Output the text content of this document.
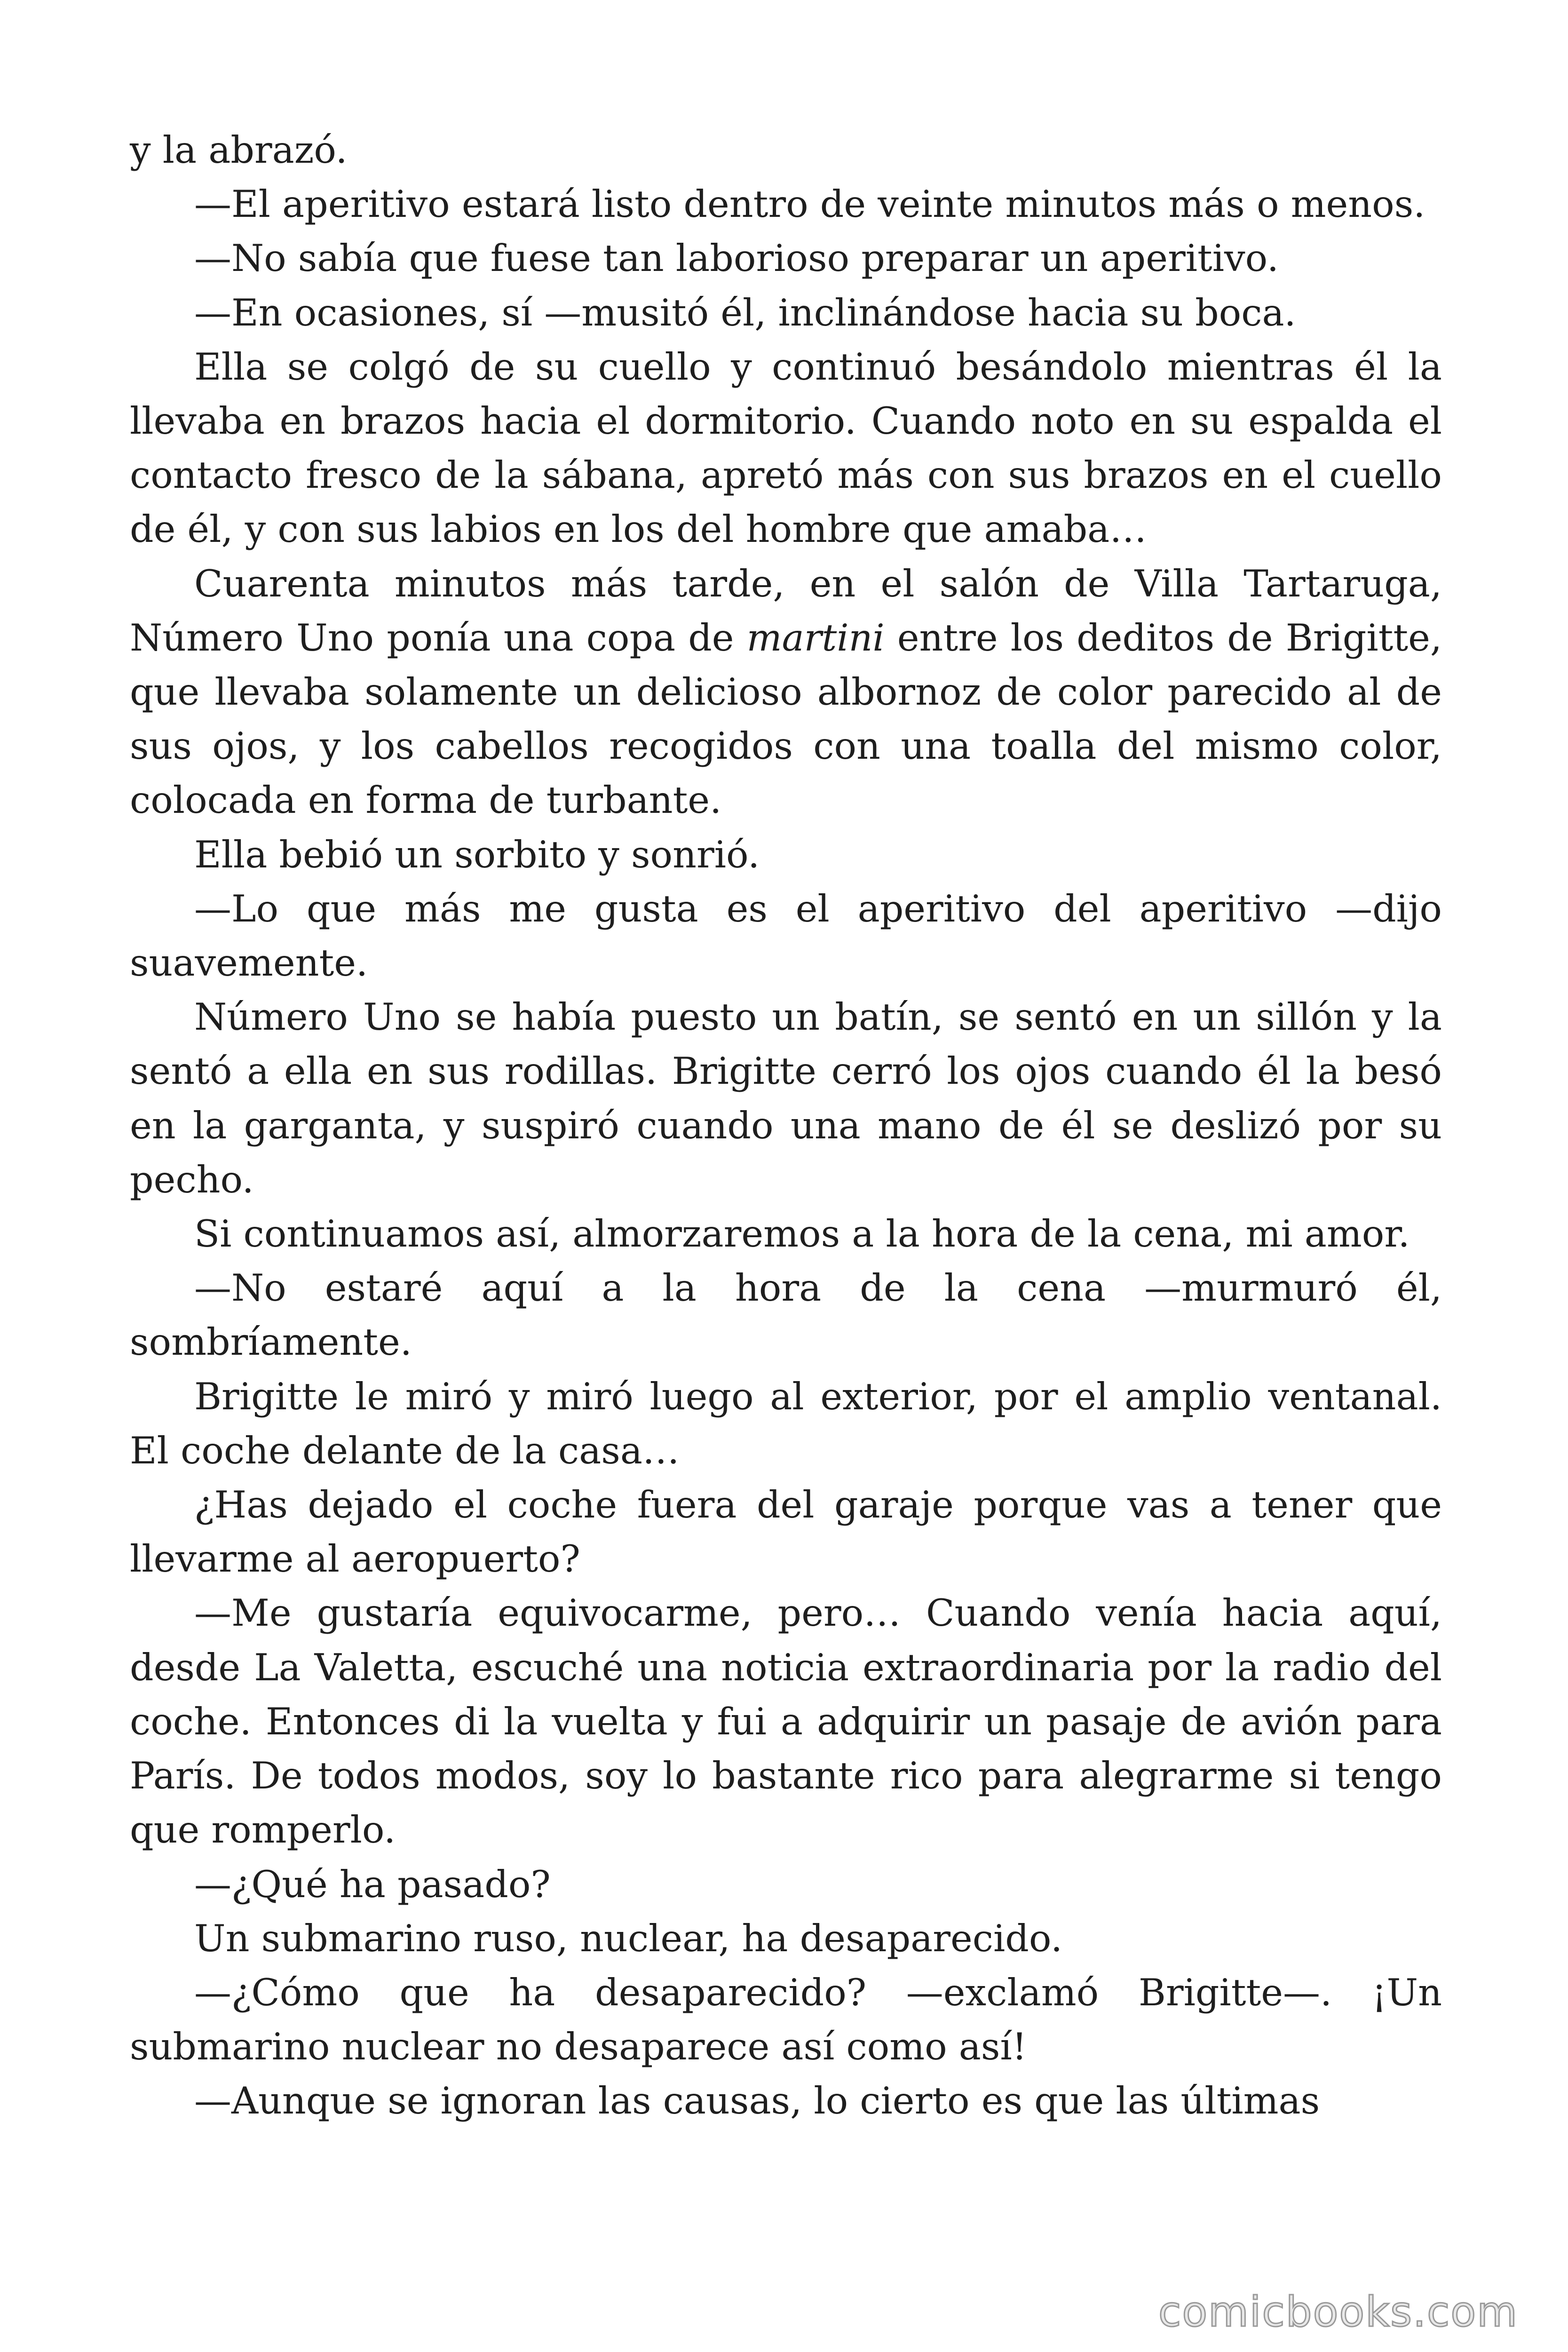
y la abrazó.

—El aperitivo estará listo dentro de veinte minutos más o menos.

—No sabía que fuese tan laborioso preparar un aperitivo.

—En ocasiones, sí —musitó él, inclinándose hacia su boca.

Ella se colgó de su cuello y continuó besándolo mientras él la llevaba en brazos hacia el dormitorio. Cuando noto en su espalda el contacto fresco de la sábana, apretó más con sus brazos en el cuello de él, y con sus labios en los del hombre que amaba…

Cuarenta minutos más tarde, en el salón de Villa Tartaruga, Número Uno ponía una copa de martini entre los deditos de Brigitte, que llevaba solamente un delicioso albornoz de color parecido al de sus ojos, y los cabellos recogidos con una toalla del mismo color, colocada en forma de turbante.

Ella bebió un sorbito y sonrió.

—Lo que más me gusta es el aperitivo del aperitivo —dijo suavemente.

Número Uno se había puesto un batín, se sentó en un sillón y la sentó a ella en sus rodillas. Brigitte cerró los ojos cuando él la besó en la garganta, y suspiró cuando una mano de él se deslizó por su pecho.

Si continuamos así, almorzaremos a la hora de la cena, mi amor.

—No estaré aquí a la hora de la cena —murmuró él, sombríamente.

Brigitte le miró y miró luego al exterior, por el amplio ventanal. El coche delante de la casa…

¿Has dejado el coche fuera del garaje porque vas a tener que llevarme al aeropuerto?

—Me gustaría equivocarme, pero… Cuando venía hacia aquí, desde La Valetta, escuché una noticia extraordinaria por la radio del coche. Entonces di la vuelta y fui a adquirir un pasaje de avión para París. De todos modos, soy lo bastante rico para alegrarme si tengo que romperlo.

—¿Qué ha pasado?

Un submarino ruso, nuclear, ha desaparecido.

—¿Cómo que ha desaparecido? —exclamó Brigitte—. ¡Un submarino nuclear no desaparece así como así!

—Aunque se ignoran las causas, lo cierto es que las últimas

comicbooks.com
